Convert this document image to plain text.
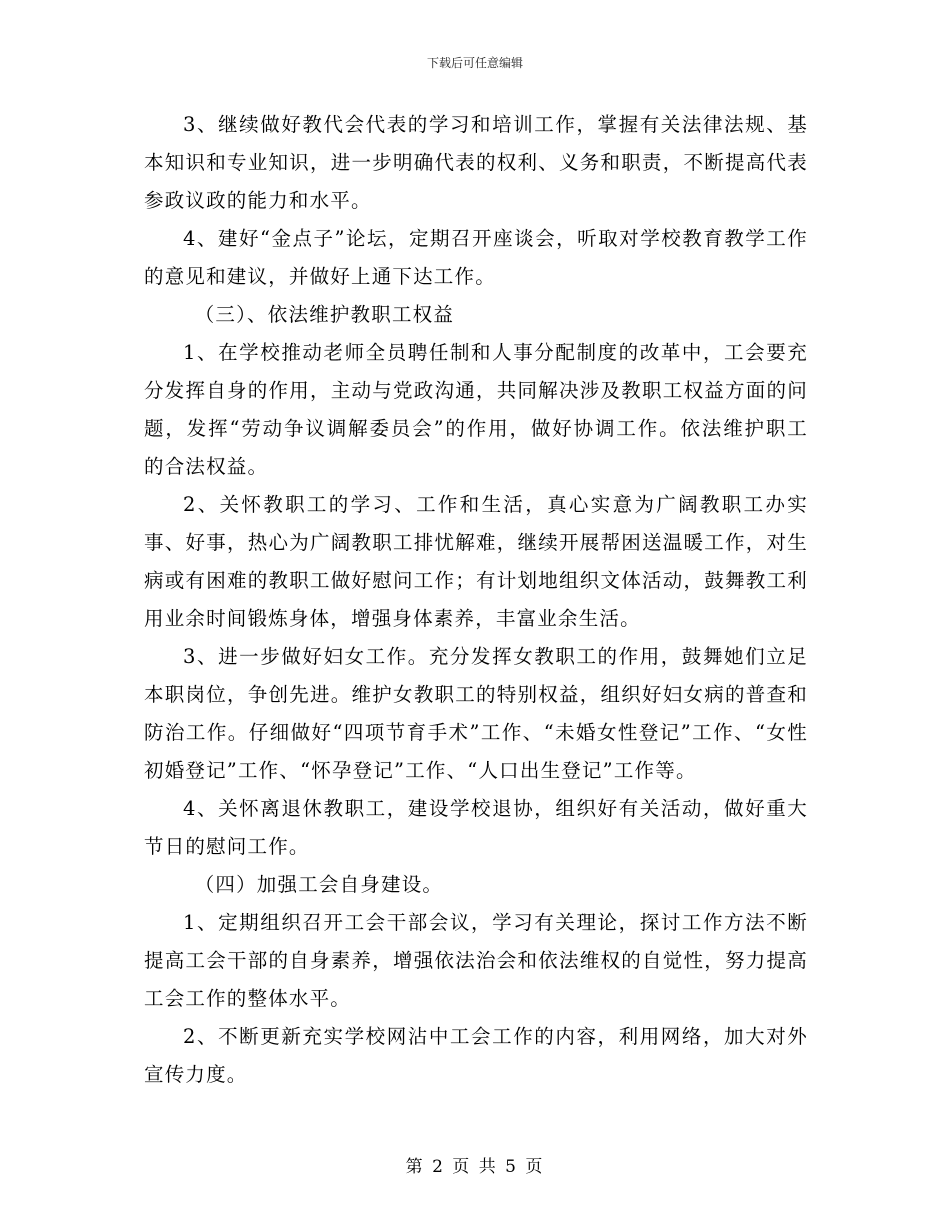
下载后可任意编辑

3、继续做好教代会代表的学习和培训工作，掌握有关法律法规、基本知识和专业知识，进一步明确代表的权利、义务和职责，不断提高代表参政议政的能力和水平。

4、建好“金点子”论坛，定期召开座谈会，听取对学校教育教学工作的意见和建议，并做好上通下达工作。

（三）、依法维护教职工权益

1、在学校推动老师全员聘任制和人事分配制度的改革中，工会要充分发挥自身的作用，主动与党政沟通，共同解决涉及教职工权益方面的问题，发挥“劳动争议调解委员会”的作用，做好协调工作。依法维护职工的合法权益。

2、关怀教职工的学习、工作和生活，真心实意为广阔教职工办实事、好事，热心为广阔教职工排忧解难，继续开展帮困送温暖工作，对生病或有困难的教职工做好慰问工作；有计划地组织文体活动，鼓舞教工利用业余时间锻炼身体，增强身体素养，丰富业余生活。

3、进一步做好妇女工作。充分发挥女教职工的作用，鼓舞她们立足本职岗位，争创先进。维护女教职工的特别权益，组织好妇女病的普查和防治工作。仔细做好“四项节育手术”工作、“未婚女性登记”工作、“女性初婚登记”工作、“怀孕登记”工作、“人口出生登记”工作等。

4、关怀离退休教职工，建设学校退协，组织好有关活动，做好重大节日的慰问工作。

（四）加强工会自身建设。

1、定期组织召开工会干部会议，学习有关理论，探讨工作方法不断提高工会干部的自身素养，增强依法治会和依法维权的自觉性，努力提高工会工作的整体水平。

2、不断更新充实学校网沾中工会工作的内容，利用网络，加大对外宣传力度。

第 2 页 共 5 页
